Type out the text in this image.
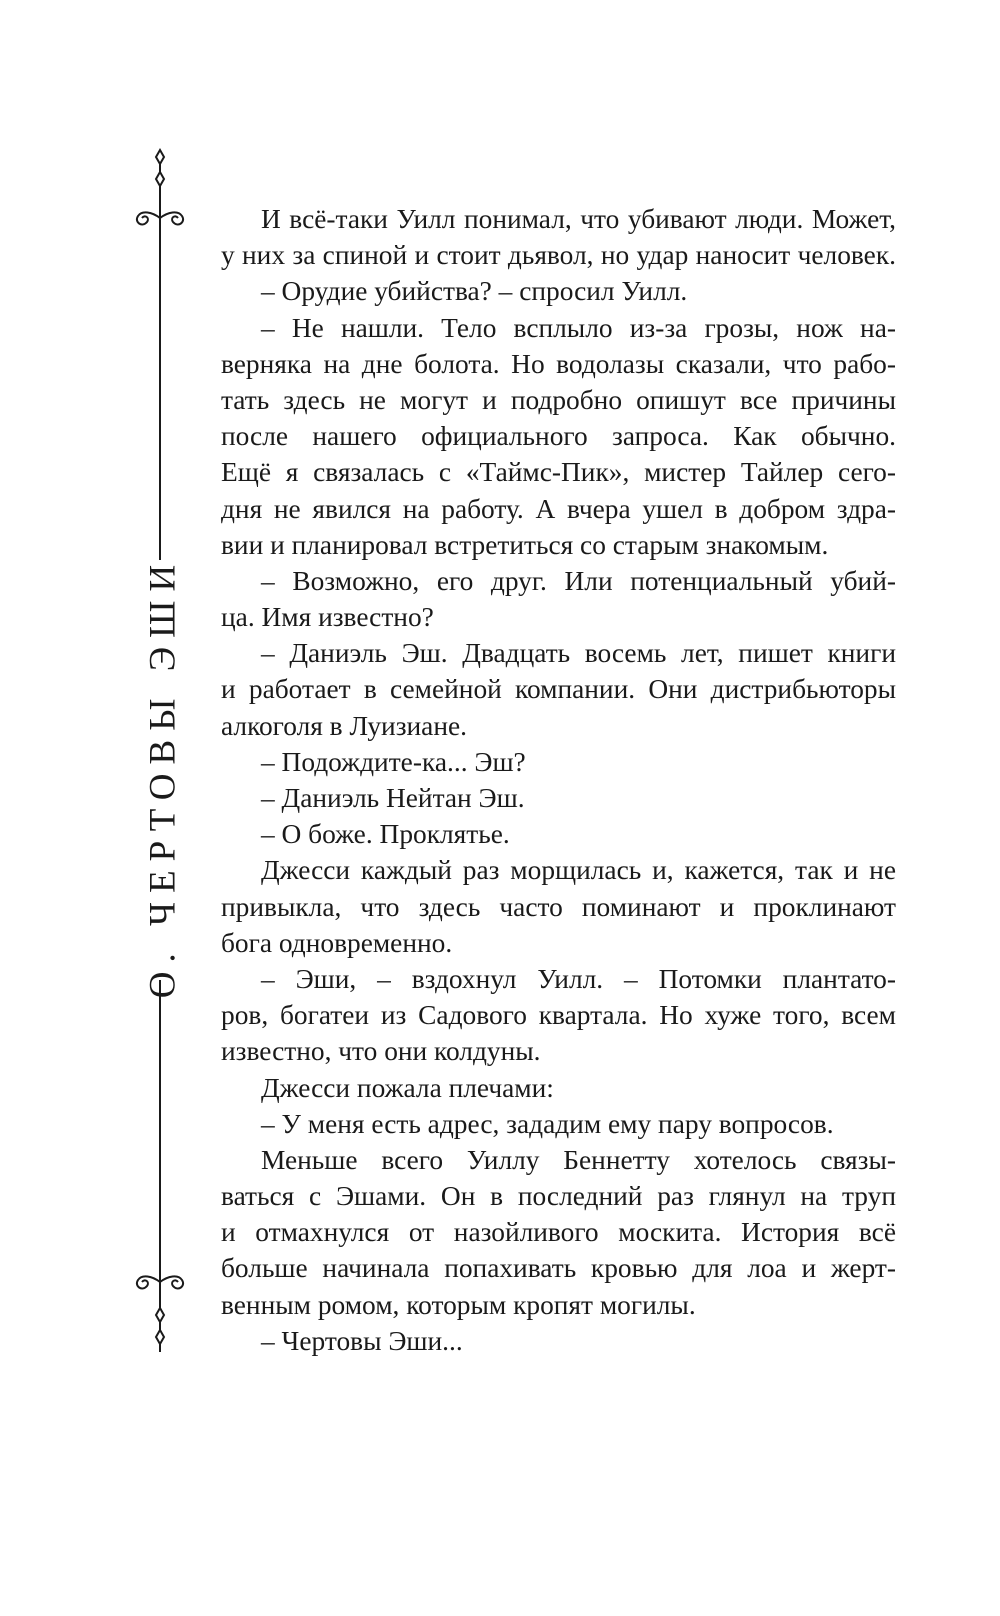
О. ЧЕРТОВЫ ЭШИ
И всё-таки Уилл понимал, что убивают люди. Может,
у них за спиной и стоит дьявол, но удар наносит человек.
– Орудие убийства? – спросил Уилл.
– Не нашли. Тело всплыло из-за грозы, нож на-
верняка на дне болота. Но водолазы сказали, что рабо-
тать здесь не могут и подробно опишут все причины
после нашего официального запроса. Как обычно.
Ещё я связалась с «Таймс-Пик», мистер Тайлер сего-
дня не явился на работу. А вчера ушел в добром здра-
вии и планировал встретиться со старым знакомым.
– Возможно, его друг. Или потенциальный убий-
ца. Имя известно?
– Даниэль Эш. Двадцать восемь лет, пишет книги
и работает в семейной компании. Они дистрибьюторы
алкоголя в Луизиане.
– Подождите-ка... Эш?
– Даниэль Нейтан Эш.
– О боже. Проклятье.
Джесси каждый раз морщилась и, кажется, так и не
привыкла, что здесь часто поминают и проклинают
бога одновременно.
– Эши, – вздохнул Уилл. – Потомки плантато-
ров, богатеи из Садового квартала. Но хуже того, всем
известно, что они колдуны.
Джесси пожала плечами:
– У меня есть адрес, зададим ему пару вопросов.
Меньше всего Уиллу Беннетту хотелось связы-
ваться с Эшами. Он в последний раз глянул на труп
и отмахнулся от назойливого москита. История всё
больше начинала попахивать кровью для лоа и жерт-
венным ромом, которым кропят могилы.
– Чертовы Эши...
